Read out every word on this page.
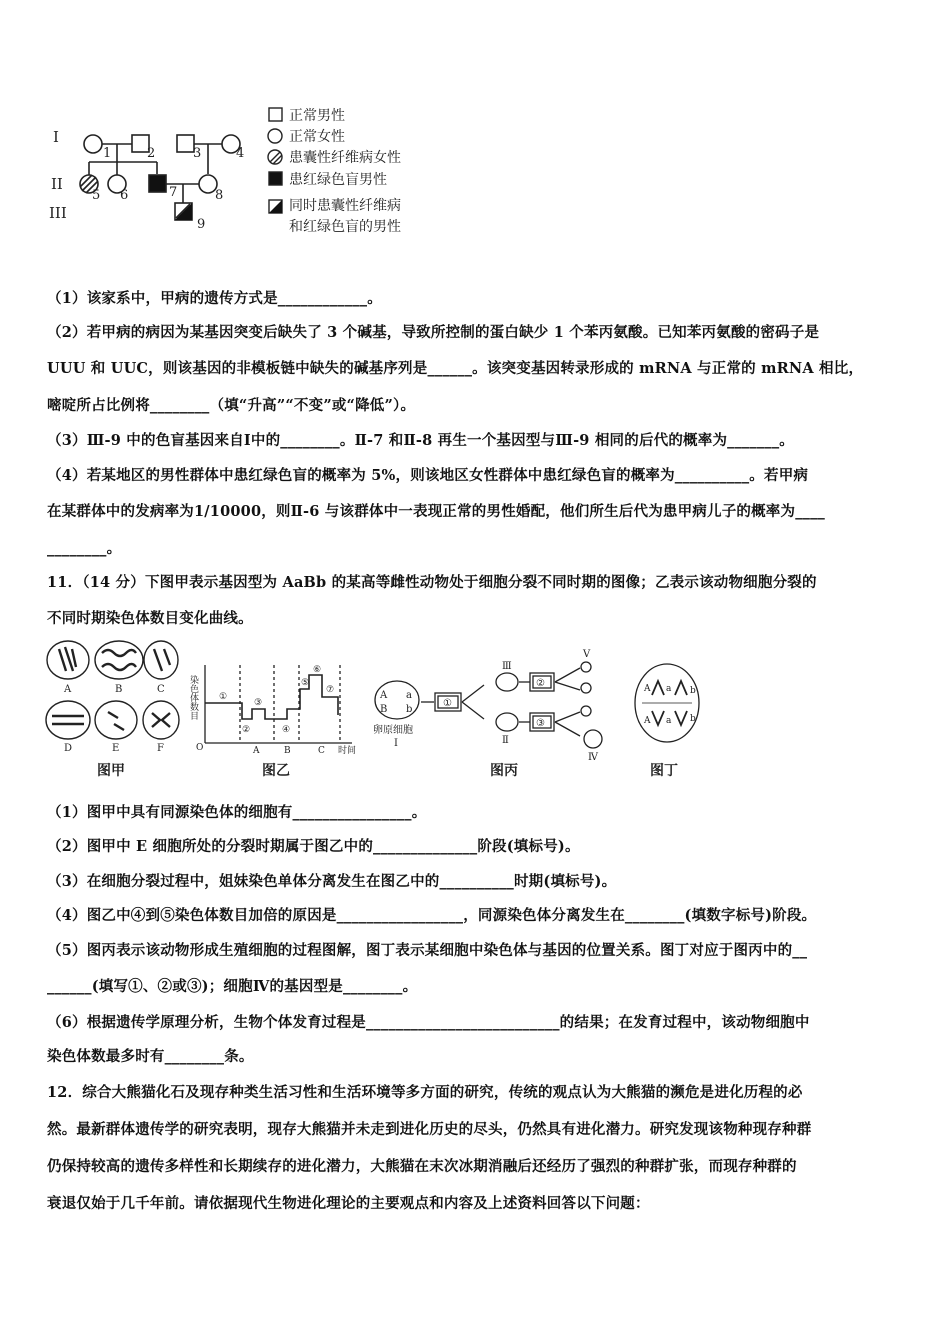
I
II
III
1	2	3	4
5 6	7	8
9
正常男性
正常女性
患囊性纤维病女性
患红绿色盲男性
同时患囊性纤维病
和红绿色盲的男性
（1）该家系中，甲病的遗传方式是____________。
（2）若甲病的病因为某基因突变后缺失了 3 个碱基，导致所控制的蛋白缺少 1 个苯丙氨酸。已知苯丙氨酸的密码子是
UUU 和 UUC，则该基因的非模板链中缺失的碱基序列是______。该突变基因转录形成的 mRNA 与正常的 mRNA 相比，
嘧啶所占比例将________（填“升高”“不变”或“降低”）。
（3）Ⅲ-9 中的色盲基因来自Ⅰ中的________。Ⅱ-7 和Ⅱ-8 再生一个基因型与Ⅲ-9 相同的后代的概率为_______。
（4）若某地区的男性群体中患红绿色盲的概率为 5%，则该地区女性群体中患红绿色盲的概率为__________。若甲病
在某群体中的发病率为1/10000，则Ⅱ-6 与该群体中一表现正常的男性婚配，他们所生后代为患甲病儿子的概率为____
________。
11．（14 分）下图甲表示基因型为 AaBb 的某高等雌性动物处于细胞分裂不同时期的图像；乙表示该动物细胞分裂的
不同时期染色体数目变化曲线。
A	B	C
D	E	F
图甲
染色体数目
O	时间
①
②
③
④
⑤
⑥
⑦
A	B	C
图乙
A a
B b
①
②
③
卵原细胞
Ⅰ	Ⅱ
Ⅲ
Ⅳ
Ⅴ
图丙
A a b
A a b
图丁
（1）图甲中具有同源染色体的细胞有________________。
（2）图甲中 E 细胞所处的分裂时期属于图乙中的______________阶段(填标号)。
（3）在细胞分裂过程中，姐妹染色单体分离发生在图乙中的__________时期(填标号)。
（4）图乙中④到⑤染色体数目加倍的原因是_________________，同源染色体分离发生在________(填数字标号)阶段。
（5）图丙表示该动物形成生殖细胞的过程图解，图丁表示某细胞中染色体与基因的位置关系。图丁对应于图丙中的__
______(填写①、②或③)；细胞Ⅳ的基因型是________。
（6）根据遗传学原理分析，生物个体发育过程是__________________________的结果；在发育过程中，该动物细胞中
染色体数最多时有________条。
12．综合大熊猫化石及现存种类生活习性和生活环境等多方面的研究，传统的观点认为大熊猫的濒危是进化历程的必
然。最新群体遗传学的研究表明，现存大熊猫并未走到进化历史的尽头，仍然具有进化潜力。研究发现该物种现存种群
仍保持较高的遗传多样性和长期续存的进化潜力，大熊猫在末次冰期消融后还经历了强烈的种群扩张，而现存种群的
衰退仅始于几千年前。请依据现代生物进化理论的主要观点和内容及上述资料回答以下问题：
